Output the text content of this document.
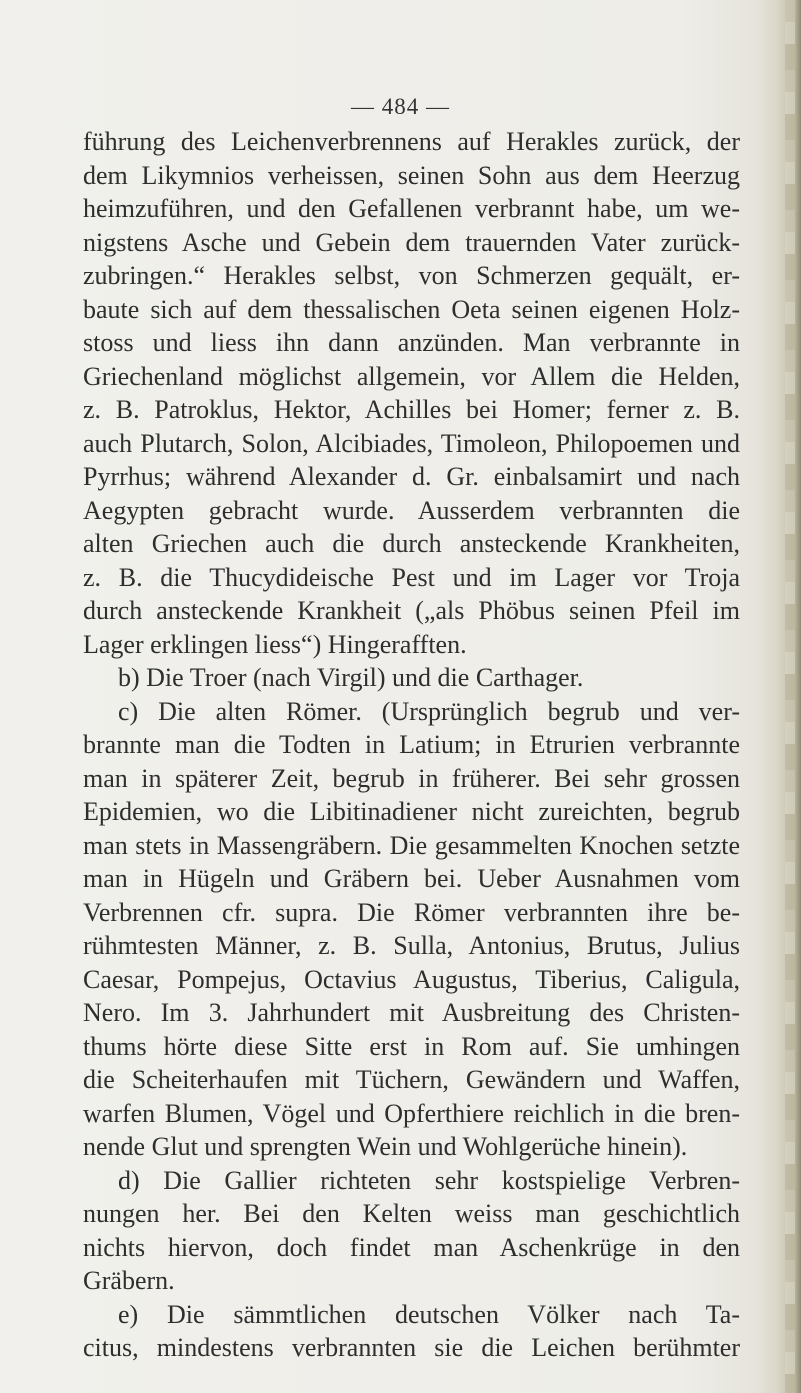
— 484 —
führung des Leichenverbrennens auf Herakles zurück, der
dem Likymnios verheissen, seinen Sohn aus dem Heerzug
heimzuführen, und den Gefallenen verbrannt habe, um we-
nigstens Asche und Gebein dem trauernden Vater zurück-
zubringen.“ Herakles selbst, von Schmerzen gequält, er-
baute sich auf dem thessalischen Oeta seinen eigenen Holz-
stoss und liess ihn dann anzünden. Man verbrannte in
Griechenland möglichst allgemein, vor Allem die Helden,
z. B. Patroklus, Hektor, Achilles bei Homer; ferner z. B.
auch Plutarch, Solon, Alcibiades, Timoleon, Philopoemen und
Pyrrhus; während Alexander d. Gr. einbalsamirt und nach
Aegypten gebracht wurde. Ausserdem verbrannten die
alten Griechen auch die durch ansteckende Krankheiten,
z. B. die Thucydideische Pest und im Lager vor Troja
durch ansteckende Krankheit („als Phöbus seinen Pfeil im
Lager erklingen liess“) Hingerafften.
b) Die Troer (nach Virgil) und die Carthager.
c) Die alten Römer. (Ursprünglich begrub und ver-
brannte man die Todten in Latium; in Etrurien verbrannte
man in späterer Zeit, begrub in früherer. Bei sehr grossen
Epidemien, wo die Libitinadiener nicht zureichten, begrub
man stets in Massengräbern. Die gesammelten Knochen setzte
man in Hügeln und Gräbern bei. Ueber Ausnahmen vom
Verbrennen cfr. supra. Die Römer verbrannten ihre be-
rühmtesten Männer, z. B. Sulla, Antonius, Brutus, Julius
Caesar, Pompejus, Octavius Augustus, Tiberius, Caligula,
Nero. Im 3. Jahrhundert mit Ausbreitung des Christen-
thums hörte diese Sitte erst in Rom auf. Sie umhingen
die Scheiterhaufen mit Tüchern, Gewändern und Waffen,
warfen Blumen, Vögel und Opferthiere reichlich in die bren-
nende Glut und sprengten Wein und Wohlgerüche hinein).
d) Die Gallier richteten sehr kostspielige Verbren-
nungen her. Bei den Kelten weiss man geschichtlich
nichts hiervon, doch findet man Aschenkrüge in den
Gräbern.
e) Die sämmtlichen deutschen Völker nach Ta-
citus, mindestens verbrannten sie die Leichen berühmter
